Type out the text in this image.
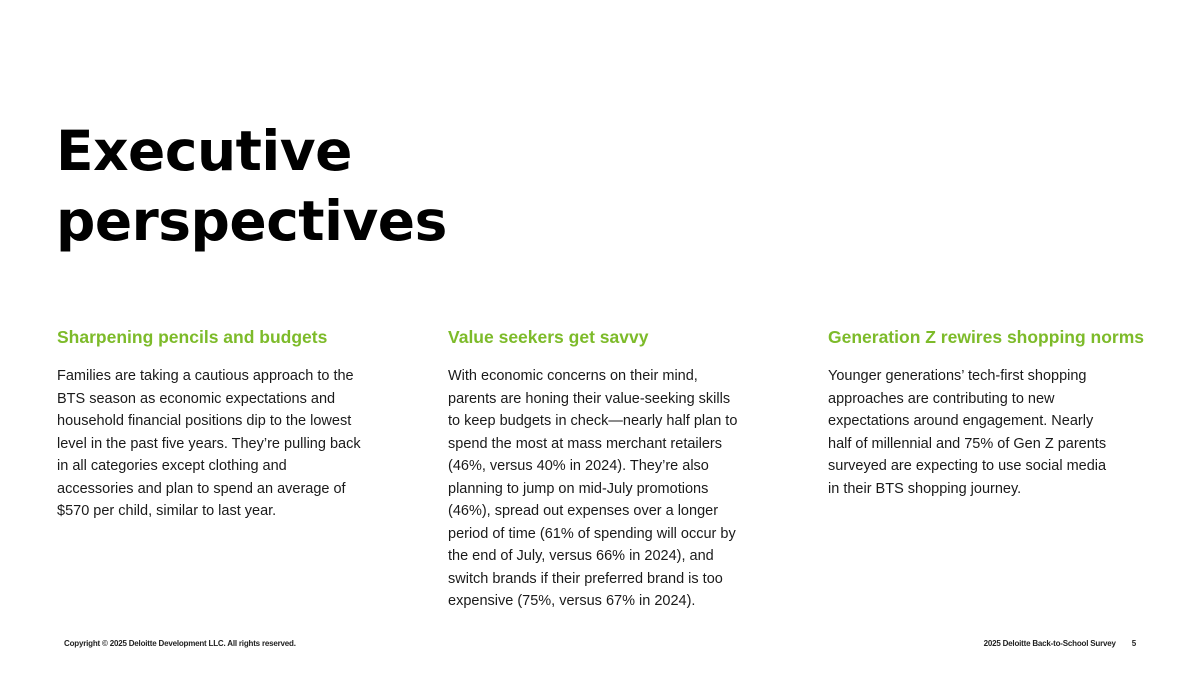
Executive
perspectives
Sharpening pencils and budgets

Families are taking a cautious approach to the
BTS season as economic expectations and
household financial positions dip to the lowest
level in the past five years. They’re pulling back
in all categories except clothing and
accessories and plan to spend an average of
$570 per child, similar to last year.

Value seekers get savvy

With economic concerns on their mind,
parents are honing their value-seeking skills
to keep budgets in check—nearly half plan to
spend the most at mass merchant retailers
(46%, versus 40% in 2024). They’re also
planning to jump on mid-July promotions
(46%), spread out expenses over a longer
period of time (61% of spending will occur by
the end of July, versus 66% in 2024), and
switch brands if their preferred brand is too
expensive (75%, versus 67% in 2024).

Generation Z rewires shopping norms

Younger generations’ tech-first shopping
approaches are contributing to new
expectations around engagement. Nearly
half of millennial and 75% of Gen Z parents
surveyed are expecting to use social media
in their BTS shopping journey.

Copyright © 2025 Deloitte Development LLC. All rights reserved.	2025 Deloitte Back-to-School Survey 5
